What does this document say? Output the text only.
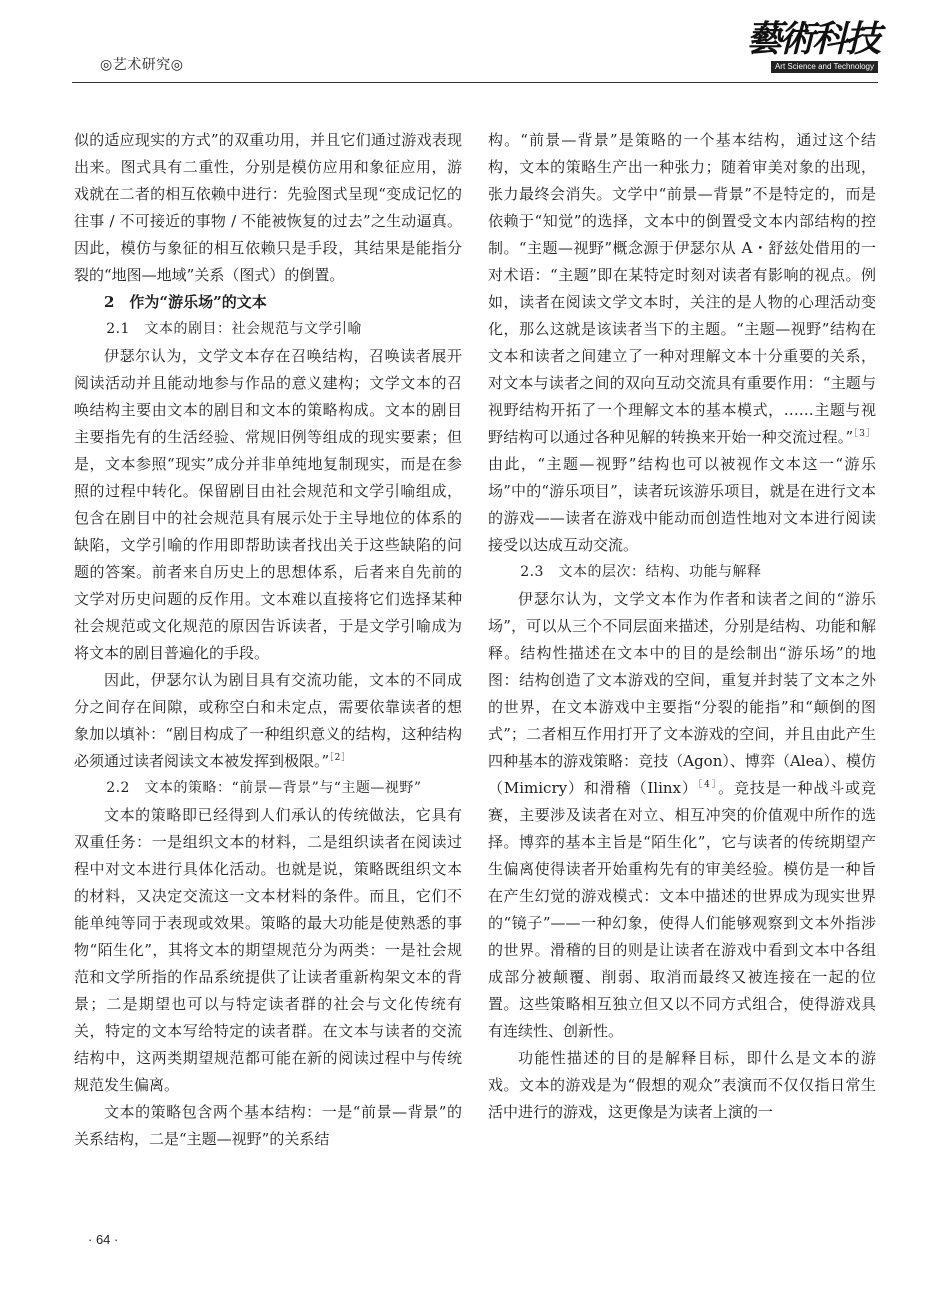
◎艺术研究◎
藝術科技
Art Science and Technology

似的适应现实的方式”的双重功用，并且它们通过游戏表现出来。图式具有二重性，分别是模仿应用和象征应用，游戏就在二者的相互依赖中进行：先验图式呈现“变成记忆的往事 / 不可接近的事物 / 不能被恢复的过去”之生动逼真。因此，模仿与象征的相互依赖只是手段，其结果是能指分裂的“地图—地域”关系（图式）的倒置。

2　作为“游乐场”的文本
2.1　文本的剧目：社会规范与文学引喻

伊瑟尔认为，文学文本存在召唤结构，召唤读者展开阅读活动并且能动地参与作品的意义建构；文学文本的召唤结构主要由文本的剧目和文本的策略构成。文本的剧目主要指先有的生活经验、常规旧例等组成的现实要素；但是，文本参照“现实”成分并非单纯地复制现实，而是在参照的过程中转化。保留剧目由社会规范和文学引喻组成，包含在剧目中的社会规范具有展示处于主导地位的体系的缺陷，文学引喻的作用即帮助读者找出关于这些缺陷的问题的答案。前者来自历史上的思想体系，后者来自先前的文学对历史问题的反作用。文本难以直接将它们选择某种社会规范或文化规范的原因告诉读者，于是文学引喻成为将文本的剧目普遍化的手段。

因此，伊瑟尔认为剧目具有交流功能，文本的不同成分之间存在间隙，或称空白和未定点，需要依靠读者的想象加以填补：“剧目构成了一种组织意义的结构，这种结构必须通过读者阅读文本被发挥到极限。”$^{[2]}$

2.2　文本的策略：“前景—背景”与“主题—视野”

文本的策略即已经得到人们承认的传统做法，它具有双重任务：一是组织文本的材料，二是组织读者在阅读过程中对文本进行具体化活动。也就是说，策略既组织文本的材料，又决定交流这一文本材料的条件。而且，它们不能单纯等同于表现或效果。策略的最大功能是使熟悉的事物“陌生化”，其将文本的期望规范分为两类：一是社会规范和文学所指的作品系统提供了让读者重新构架文本的背景；二是期望也可以与特定读者群的社会与文化传统有关，特定的文本写给特定的读者群。在文本与读者的交流结构中，这两类期望规范都可能在新的阅读过程中与传统规范发生偏离。

文本的策略包含两个基本结构：一是“前景—背景”的关系结构，二是“主题—视野”的关系结

构。“前景—背景”是策略的一个基本结构，通过这个结构，文本的策略生产出一种张力；随着审美对象的出现，张力最终会消失。文学中“前景—背景”不是特定的，而是依赖于“知觉”的选择，文本中的倒置受文本内部结构的控制。“主题—视野”概念源于伊瑟尔从 A・舒兹处借用的一对术语：“主题”即在某特定时刻对读者有影响的视点。例如，读者在阅读文学文本时，关注的是人物的心理活动变化，那么这就是该读者当下的主题。“主题—视野”结构在文本和读者之间建立了一种对理解文本十分重要的关系，对文本与读者之间的双向互动交流具有重要作用：“主题与视野结构开拓了一个理解文本的基本模式，……主题与视野结构可以通过各种见解的转换来开始一种交流过程。”$^{[3]}$由此，“主题—视野”结构也可以被视作文本这一“游乐场”中的“游乐项目”，读者玩该游乐项目，就是在进行文本的游戏——读者在游戏中能动而创造性地对文本进行阅读接受以达成互动交流。

2.3　文本的层次：结构、功能与解释

伊瑟尔认为，文学文本作为作者和读者之间的“游乐场”，可以从三个不同层面来描述，分别是结构、功能和解释。结构性描述在文本中的目的是绘制出“游乐场”的地图：结构创造了文本游戏的空间，重复并封装了文本之外的世界，在文本游戏中主要指“分裂的能指”和“颠倒的图式”；二者相互作用打开了文本游戏的空间，并且由此产生四种基本的游戏策略：竞技（Agon）、博弈（Alea）、模仿（Mimicry）和滑稽（Ilinx）$^{[4]}$。竞技是一种战斗或竞赛，主要涉及读者在对立、相互冲突的价值观中所作的选择。博弈的基本主旨是“陌生化”，它与读者的传统期望产生偏离使得读者开始重构先有的审美经验。模仿是一种旨在产生幻觉的游戏模式：文本中描述的世界成为现实世界的“镜子”——一种幻象，使得人们能够观察到文本外指涉的世界。滑稽的目的则是让读者在游戏中看到文本中各组成部分被颠覆、削弱、取消而最终又被连接在一起的位置。这些策略相互独立但又以不同方式组合，使得游戏具有连续性、创新性。

功能性描述的目的是解释目标，即什么是文本的游戏。文本的游戏是为“假想的观众”表演而不仅仅指日常生活中进行的游戏，这更像是为读者上演的一

· 64 ·
